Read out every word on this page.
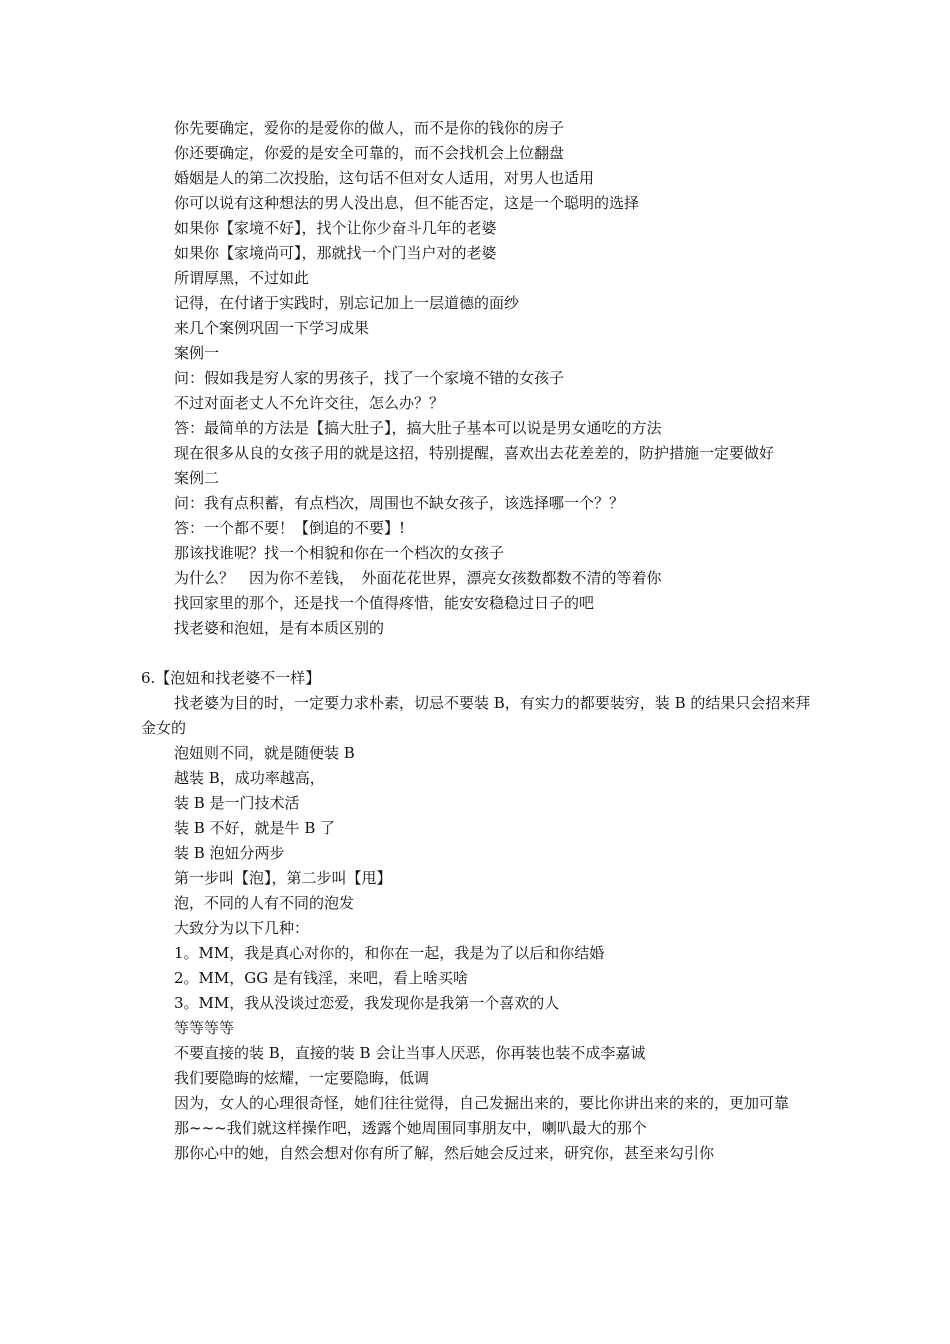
你先要确定，爱你的是爱你的做人，而不是你的钱你的房子

你还要确定，你爱的是安全可靠的，而不会找机会上位翻盘

婚姻是人的第二次投胎，这句话不但对女人适用，对男人也适用

你可以说有这种想法的男人没出息，但不能否定，这是一个聪明的选择

如果你【家境不好】，找个让你少奋斗几年的老婆

如果你【家境尚可】，那就找一个门当户对的老婆

所谓厚黑，不过如此

记得，在付诸于实践时，别忘记加上一层道德的面纱

来几个案例巩固一下学习成果

案例一

问：假如我是穷人家的男孩子，找了一个家境不错的女孩子

不过对面老丈人不允许交往，怎么办？？

答：最简单的方法是【搞大肚子】，搞大肚子基本可以说是男女通吃的方法

现在很多从良的女孩子用的就是这招，特别提醒，喜欢出去花差差的，防护措施一定要做好

案例二

问：我有点积蓄，有点档次，周围也不缺女孩子，该选择哪一个？？

答：一个都不要！【倒追的不要】!

那该找谁呢？找一个相貌和你在一个档次的女孩子

为什么？　因为你不差钱，　外面花花世界，漂亮女孩数都数不清的等着你

找回家里的那个，还是找一个值得疼惜，能安安稳稳过日子的吧

找老婆和泡妞，是有本质区别的

6.【泡妞和找老婆不一样】

找老婆为目的时，一定要力求朴素，切忌不要装 B，有实力的都要装穷，装 B 的结果只会招来拜金女的

泡妞则不同，就是随便装 B

越装 B，成功率越高，

装 B 是一门技术活

装 B 不好，就是牛 B 了

装 B 泡妞分两步

第一步叫【泡】，第二步叫【甩】

泡，不同的人有不同的泡发

大致分为以下几种：

1。MM，我是真心对你的，和你在一起，我是为了以后和你结婚

2。MM，GG 是有钱淫，来吧，看上啥买啥

3。MM，我从没谈过恋爱，我发现你是我第一个喜欢的人

等等等等

不要直接的装 B，直接的装 B 会让当事人厌恶，你再装也装不成李嘉诚

我们要隐晦的炫耀，一定要隐晦，低调

因为，女人的心理很奇怪，她们往往觉得，自己发掘出来的，要比你讲出来的来的，更加可靠

那~~~我们就这样操作吧，透露个她周围同事朋友中，喇叭最大的那个

那你心中的她，自然会想对你有所了解，然后她会反过来，研究你，甚至来勾引你
